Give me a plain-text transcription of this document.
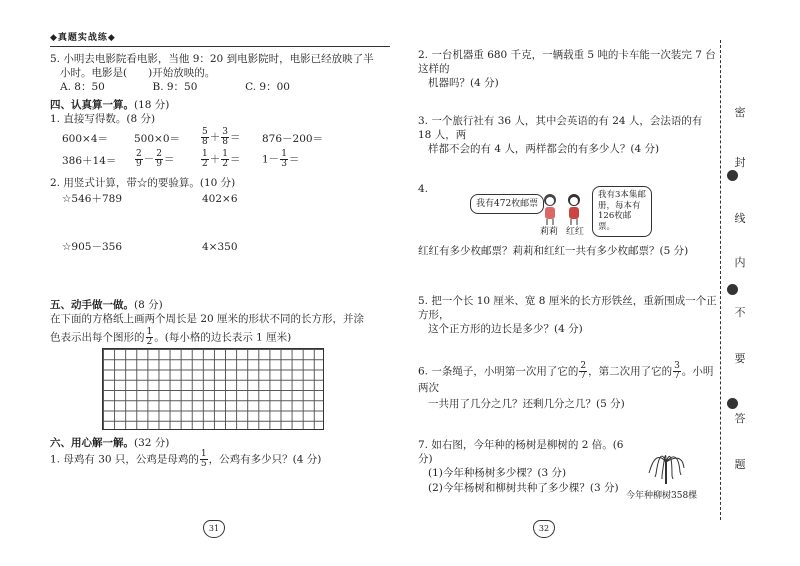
◆真题实战练◆
5. 小明去电影院看电影，当他 9：20 到电影院时，电影已经放映了半
小时。电影是(　　)开始放映的。
A. 8：50	B. 9：50	C. 9：00
四、认真算一算。(18 分)
1. 直接写得数。(8 分)
$600\times 4= 500\times 0= \frac{5}{8} + \frac{3}{8} = 876-200=$
$386+14= \frac{2}{9} - \frac{2}{9}$ ＝	$\frac{1}{2} + \frac{1}{2} = 1- \frac{1}{3}$ ＝
2. 用竖式计算，带☆的要验算。(10 分)
☆546＋789	402×6
☆905－356	4×350
五、动手做一做。(8 分)
在下面的方格纸上画两个周长是 20 厘米的形状不同的长方形，并涂
色表示出每个图形的 $\frac{1}{2}$ 。(每小格的边长表示 1 厘米)
六、用心解一解。(32 分)
1. 母鸡有 30 只，公鸡是母鸡的 $\frac{1}{5}$ ，公鸡有多少只？(4 分)
31
2. 一台机器重 680 千克，一辆载重 5 吨的卡车能一次装完 7 台这样的
机器吗？(4 分)
3. 一个旅行社有 36 人，其中会英语的有 24 人，会法语的有 18 人，两
样都不会的有 4 人，两样都会的有多少人？(4 分)
4.
我有472枚邮票
莉莉 红红
我有3本集邮册，每本有126枚邮票。
红红有多少枚邮票？莉莉和红红一共有多少枚邮票？(5 分)
5. 把一个长 10 厘米、宽 8 厘米的长方形铁丝，重新围成一个正方形，
这个正方形的边长是多少？(4 分)
6. 一条绳子，小明第一次用了它的 $\frac{2}{7}$ ，第二次用了它的 $\frac{3}{7}$ 。小明两次
一共用了几分之几？还剩几分之几？(5 分)
7. 如右图，今年种的杨树是柳树的 2 倍。(6 分)
(1)今年种杨树多少棵？(3 分)
(2)今年杨树和柳树共种了多少棵？(3 分)
今年种柳树358棵
32
密
封
线
内
不
要
答
题
